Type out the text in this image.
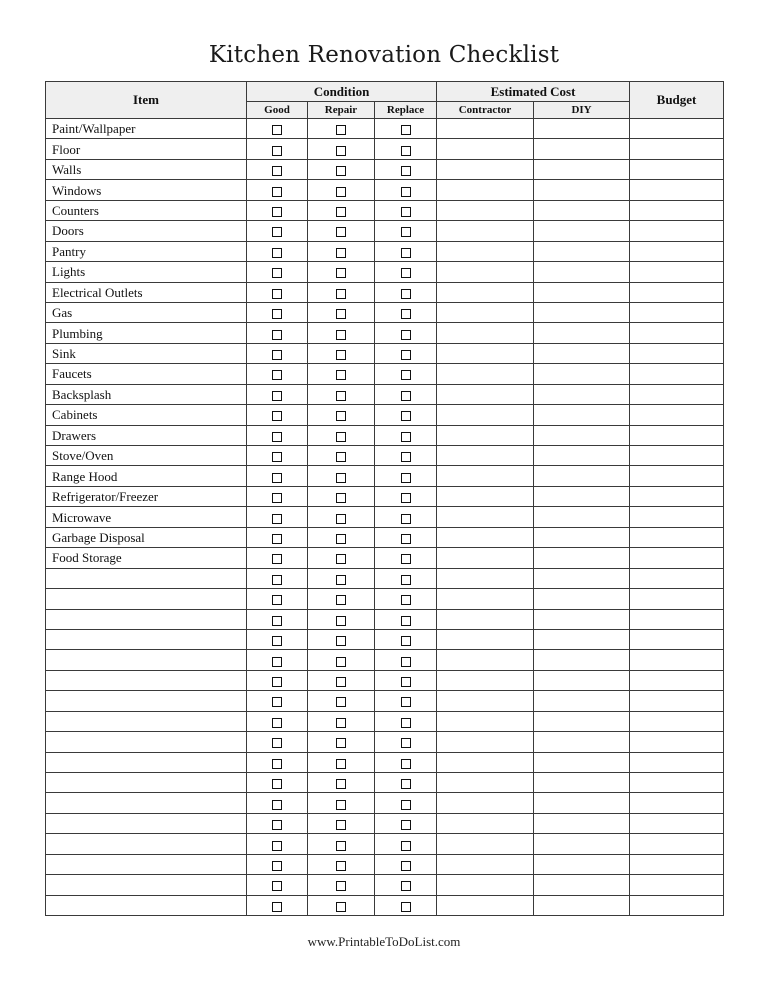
Kitchen Renovation Checklist
Item	Condition			Estimated Cost		Budget
	Good	Repair	Replace	Contractor	DIY	
Paint/Wallpaper						
Floor						
Walls						
Windows						
Counters						
Doors						
Pantry						
Lights						
Electrical Outlets						
Gas						
Plumbing						
Sink						
Faucets						
Backsplash						
Cabinets						
Drawers						
Stove/Oven						
Range Hood						
Refrigerator/Freezer						
Microwave						
Garbage Disposal						
Food Storage						

www.PrintableToDoList.com
